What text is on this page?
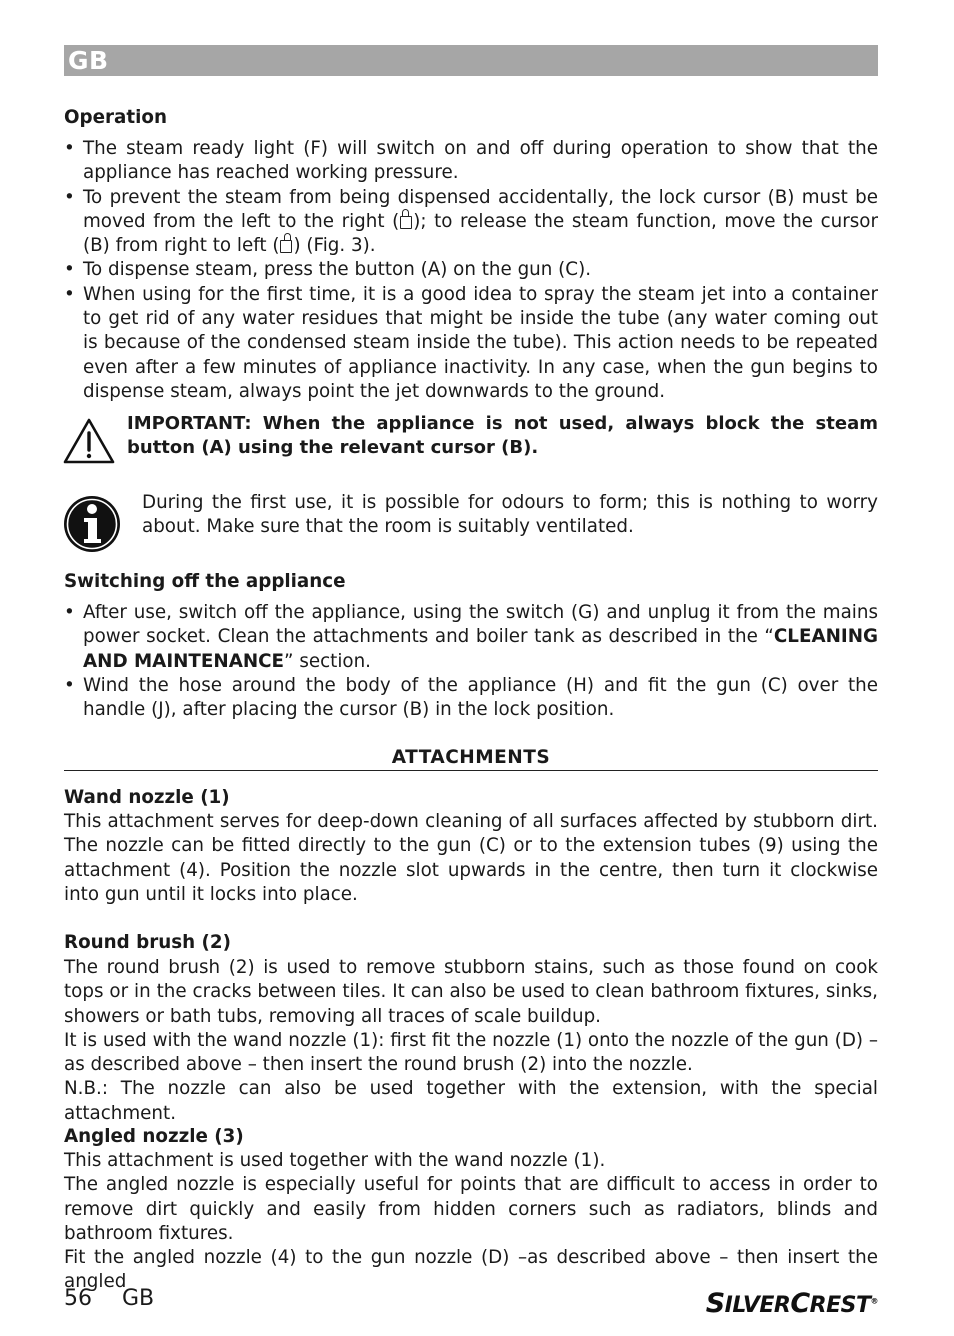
GB
Operation
• The steam ready light (F) will switch on and off during operation to show that the appliance has reached working pressure.
• To prevent the steam from being dispensed accidentally, the lock cursor (B) must be moved from the left to the right ( ); to release the steam function, move the cursor (B) from right to left ( ) (Fig. 3).
• To dispense steam, press the button (A) on the gun (C).
• When using for the first time, it is a good idea to spray the steam jet into a container to get rid of any water residues that might be inside the tube (any water coming out is because of the condensed steam inside the tube). This action needs to be repeated even after a few minutes of appliance inactivity. In any case, when the gun begins to dispense steam, always point the jet downwards to the ground.

IMPORTANT: When the appliance is not used, always block the steam button (A) using the relevant cursor (B).

During the first use, it is possible for odours to form; this is nothing to worry about. Make sure that the room is suitably ventilated.

Switching off the appliance
• After use, switch off the appliance, using the switch (G) and unplug it from the mains power socket. Clean the attachments and boiler tank as described in the “CLEANING AND MAINTENANCE” section.
• Wind the hose around the body of the appliance (H) and fit the gun (C) over the handle (J), after placing the cursor (B) in the lock position.
ATTACHMENTS
Wand nozzle (1)

This attachment serves for deep-down cleaning of all surfaces affected by stubborn dirt. The nozzle can be fitted directly to the gun (C) or to the extension tubes (9) using the attachment (4). Position the nozzle slot upwards in the centre, then turn it clockwise into gun until it locks into place.

Round brush (2)

The round brush (2) is used to remove stubborn stains, such as those found on cook tops or in the cracks between tiles. It can also be used to clean bathroom fixtures, sinks, showers or bath tubs, removing all traces of scale buildup.

It is used with the wand nozzle (1): first fit the nozzle (1) onto the nozzle of the gun (D) – as described above – then insert the round brush (2) into the nozzle.

N.B.: The nozzle can also be used together with the extension, with the special attachment.

Angled nozzle (3)

This attachment is used together with the wand nozzle (1).

The angled nozzle is especially useful for points that are difficult to access in order to remove dirt quickly and easily from hidden corners such as radiators, blinds and bathroom fixtures.

Fit the angled nozzle (4) to the gun nozzle (D) –as described above – then insert the angled

56 GB	SILVERCREST®
